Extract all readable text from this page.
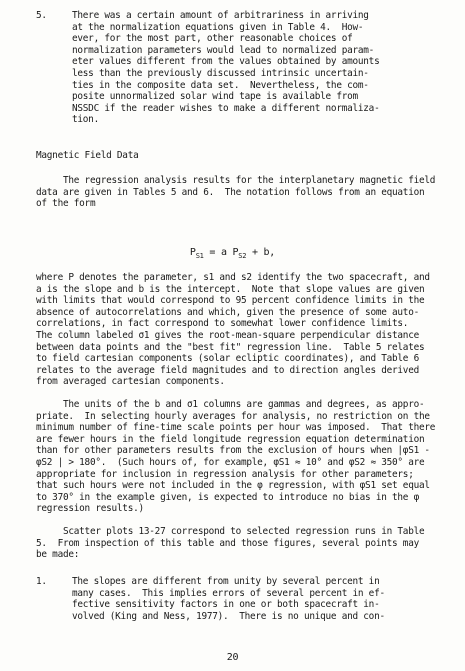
5.	There was a certain amount of arbitrariness in arriving
at the normalization equations given in Table 4.  How-
ever, for the most part, other reasonable choices of
normalization parameters would lead to normalized param-
eter values different from the values obtained by amounts
less than the previously discussed intrinsic uncertain-
ties in the composite data set.  Nevertheless, the com-
posite unnormalized solar wind tape is available from
NSSDC if the reader wishes to make a different normaliza-
tion.
Magnetic Field Data
The regression analysis results for the interplanetary magnetic field
data are given in Tables 5 and 6.  The notation follows from an equation
of the form
$P_{S1} = a$ $P_{S2} + b$,
where P denotes the parameter, s1 and s2 identify the two spacecraft, and
a is the slope and b is the intercept.  Note that slope values are given
with limits that would correspond to 95 percent confidence limits in the
absence of autocorrelations and which, given the presence of some auto-
correlations, in fact correspond to somewhat lower confidence limits.
The column labeled σ1 gives the root-mean-square perpendicular distance
between data points and the "best fit" regression line.  Table 5 relates
to field cartesian components (solar ecliptic coordinates), and Table 6
relates to the average field magnitudes and to direction angles derived
from averaged cartesian components.
The units of the b and σ1 columns are gammas and degrees, as appro-
priate.  In selecting hourly averages for analysis, no restriction on the
minimum number of fine-time scale points per hour was imposed.  That there
are fewer hours in the field longitude regression equation determination
than for other parameters results from the exclusion of hours when |φS1 -
φS2 | > 180°.  (Such hours of, for example, φS1 ≈ 10° and φS2 ≈ 350° are
appropriate for inclusion in regression analysis for other parameters;
that such hours were not included in the φ regression, with φS1 set equal
to 370° in the example given, is expected to introduce no bias in the φ
regression results.)
Scatter plots 13-27 correspond to selected regression runs in Table
5.  From inspection of this table and those figures, several points may
be made:
1.	The slopes are different from unity by several percent in
many cases.  This implies errors of several percent in ef-
fective sensitivity factors in one or both spacecraft in-
volved (King and Ness, 1977).  There is no unique and con-
20
